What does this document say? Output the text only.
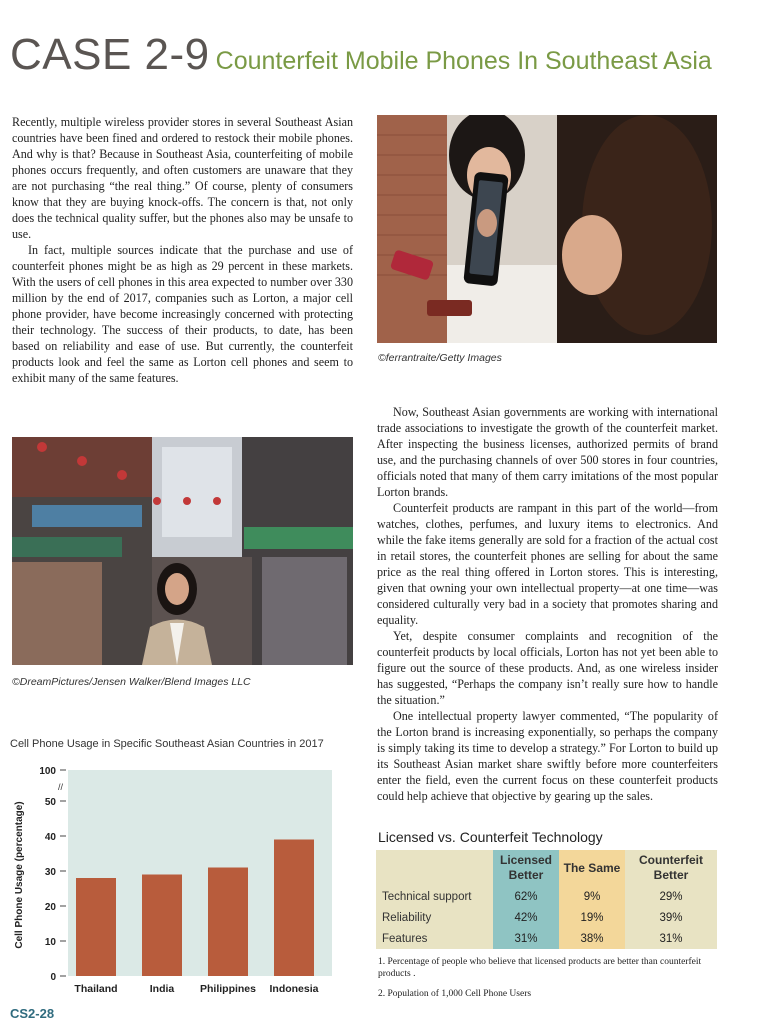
CASE 2-9 Counterfeit Mobile Phones In Southeast Asia

Recently, multiple wireless provider stores in several Southeast Asian countries have been fined and ordered to restock their mobile phones. And why is that? Because in Southeast Asia, counterfeiting of mobile phones occurs frequently, and often customers are unaware that they are not purchasing “the real thing.” Of course, plenty of consumers know that they are buying knock-offs. The concern is that, not only does the technical quality suffer, but the phones also may be unsafe to use.

In fact, multiple sources indicate that the purchase and use of counterfeit phones might be as high as 29 percent in these markets. With the users of cell phones in this area expected to number over 330 million by the end of 2017, companies such as Lorton, a major cell phone provider, have become increasingly concerned with protecting their technology. The success of their products, to date, has been based on reliability and ease of use. But currently, the counterfeit products look and feel the same as Lorton cell phones and seem to exhibit many of the same features.

©ferrantraite/Getty Images

Now, Southeast Asian governments are working with international trade associations to investigate the growth of the counterfeit market. After inspecting the business licenses, authorized permits of brand use, and the purchasing channels of over 500 stores in four countries, officials noted that many of them carry imitations of the most popular Lorton brands.

Counterfeit products are rampant in this part of the world—from watches, clothes, perfumes, and luxury items to electronics. And while the fake items generally are sold for a fraction of the actual cost in retail stores, the counterfeit phones are selling for about the same price as the real thing offered in Lorton stores. This is interesting, given that owning your own intellectual property—at one time—was considered culturally very bad in a society that promotes sharing and equality.

Yet, despite consumer complaints and recognition of the counterfeit products by local officials, Lorton has not yet been able to figure out the source of these products. And, as one wireless insider has suggested, “Perhaps the company isn’t really sure how to handle the situation.”

One intellectual property lawyer commented, “The popularity of the Lorton brand is increasing exponentially, so perhaps the company is simply taking its time to develop a strategy.” For Lorton to build up its Southeast Asian market share swiftly before more counterfeiters enter the field, even the current focus on these counterfeit products could help achieve that objective by gearing up the sales.

©DreamPictures/Jensen Walker/Blend Images LLC
Cell Phone Usage in Specific Southeast Asian Countries in 2017
0
10
20
30
40
50
100
Thailand	India Philippines Indonesia
//
Cell Phone Usage (percentage)	Licensed vs. Counterfeit Technology
	Licensed Better	The Same	Counterfeit Better
Technical support	62%	9%	29%
Reliability	42%	19%	39%
Features	31%	38%	31%
1. Percentage of people who believe that licensed products are better than counterfeit products .
2. Population of 1,000 Cell Phone Users
CS2-28
